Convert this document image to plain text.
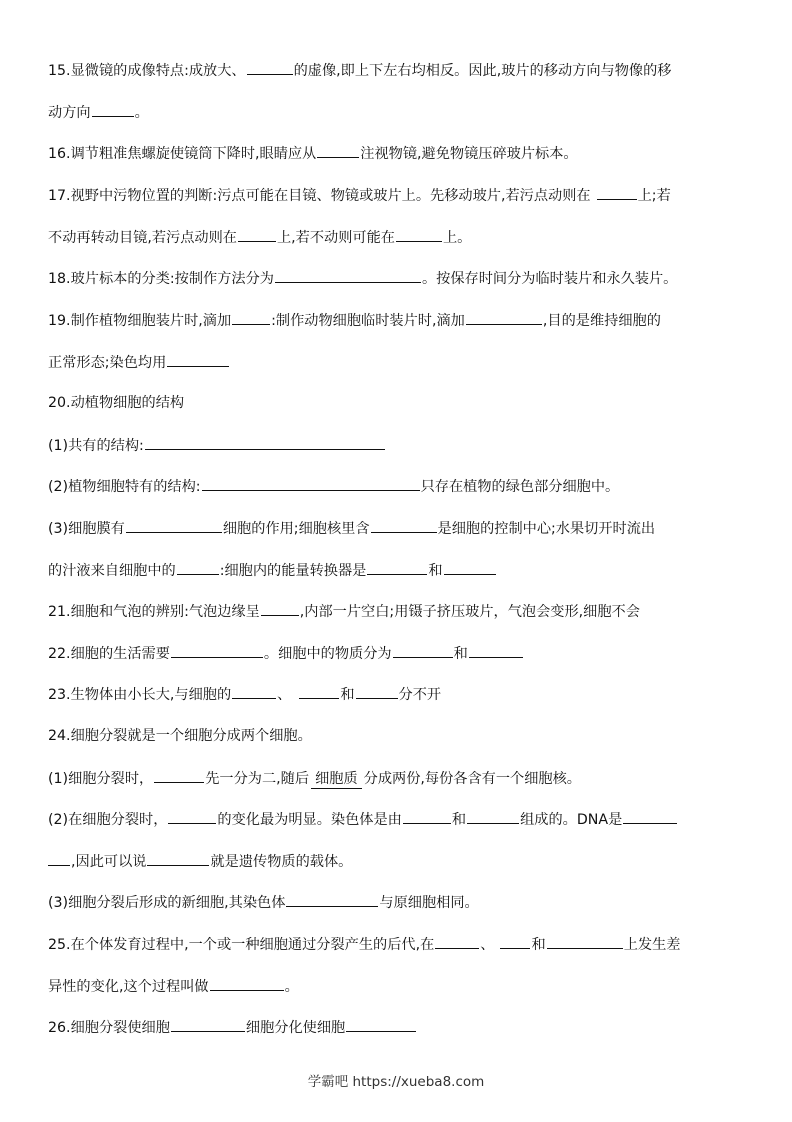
15.显微镜的成像特点:成放大、	的虚像,即上下左右均相反。因此,玻片的移动方向与物像的移
动方向	。
16.调节粗准焦螺旋使镜筒下降时,眼睛应从	注视物镜,避免物镜压碎玻片标本。
17.视野中污物位置的判断:污点可能在目镜、物镜或玻片上。先移动玻片,若污点动则在	上;若
不动再转动目镜,若污点动则在	上,若不动则可能在	上。
18.玻片标本的分类:按制作方法分为	。按保存时间分为临时装片和永久装片。
19.制作植物细胞装片时,滴加	:制作动物细胞临时装片时,滴加	,目的是维持细胞的
正常形态;染色均用
20.动植物细胞的结构
(1)共有的结构:
(2)植物细胞特有的结构:	只存在植物的绿色部分细胞中。
(3)细胞膜有	细胞的作用;细胞核里含	是细胞的控制中心;水果切开时流出
的汁液来自细胞中的	:细胞内的能量转换器是	和
21.细胞和气泡的辨别:气泡边缘呈	,内部一片空白;用镊子挤压玻片，气泡会变形,细胞不会
22.细胞的生活需要	。细胞中的物质分为	和
23.生物体由小长大,与细胞的	、	和	分不开
24.细胞分裂就是一个细胞分成两个细胞。
(1)细胞分裂时，	先一分为二,随后 细胞质 分成两份,每份各含有一个细胞核。
(2)在细胞分裂时，	的变化最为明显。染色体是由	和	组成的。DNA是
,因此可以说	就是遗传物质的载体。
(3)细胞分裂后形成的新细胞,其染色体	与原细胞相同。
25.在个体发育过程中,一个或一种细胞通过分裂产生的后代,在	、	和	上发生差
异性的变化,这个过程叫做	。
26.细胞分裂使细胞	细胞分化使细胞
学霸吧 https://xueba8.com
